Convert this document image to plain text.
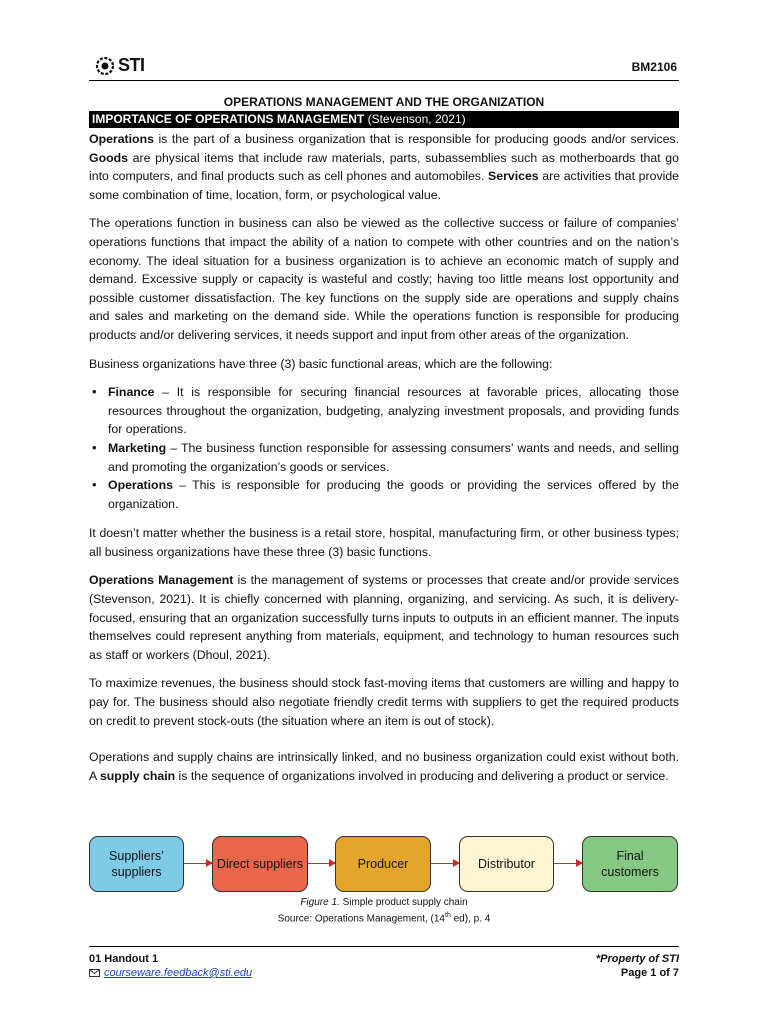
STI	BM2106
OPERATIONS MANAGEMENT AND THE ORGANIZATION
IMPORTANCE OF OPERATIONS MANAGEMENT (Stevenson, 2021)

Operations is the part of a business organization that is responsible for producing goods and/or services. Goods are physical items that include raw materials, parts, subassemblies such as motherboards that go into computers, and final products such as cell phones and automobiles. Services are activities that provide some combination of time, location, form, or psychological value.

The operations function in business can also be viewed as the collective success or failure of companies’ operations functions that impact the ability of a nation to compete with other countries and on the nation’s economy. The ideal situation for a business organization is to achieve an economic match of supply and demand. Excessive supply or capacity is wasteful and costly; having too little means lost opportunity and possible customer dissatisfaction. The key functions on the supply side are operations and supply chains and sales and marketing on the demand side. While the operations function is responsible for producing products and/or delivering services, it needs support and input from other areas of the organization.

Business organizations have three (3) basic functional areas, which are the following:

• Finance – It is responsible for securing financial resources at favorable prices, allocating those resources throughout the organization, budgeting, analyzing investment proposals, and providing funds for operations.
• Marketing – The business function responsible for assessing consumers’ wants and needs, and selling and promoting the organization’s goods or services.
• Operations – This is responsible for producing the goods or providing the services offered by the organization.

It doesn’t matter whether the business is a retail store, hospital, manufacturing firm, or other business types; all business organizations have these three (3) basic functions.

Operations Management is the management of systems or processes that create and/or provide services (Stevenson, 2021). It is chiefly concerned with planning, organizing, and servicing. As such, it is delivery-focused, ensuring that an organization successfully turns inputs to outputs in an efficient manner. The inputs themselves could represent anything from materials, equipment, and technology to human resources such as staff or workers (Dhoul, 2021).

To maximize revenues, the business should stock fast-moving items that customers are willing and happy to pay for. The business should also negotiate friendly credit terms with suppliers to get the required products on credit to prevent stock-outs (the situation where an item is out of stock).

Operations and supply chains are intrinsically linked, and no business organization could exist without both. A supply chain is the sequence of organizations involved in producing and delivering a product or service.

Suppliers’ suppliers
Direct suppliers	Producer	Distributor
Final customers
Figure 1. Simple product supply chain
Source: Operations Management, (14th ed), p. 4
01 Handout 1
courseware.feedback@sti.edu
*Property of STI
Page 1 of 7
